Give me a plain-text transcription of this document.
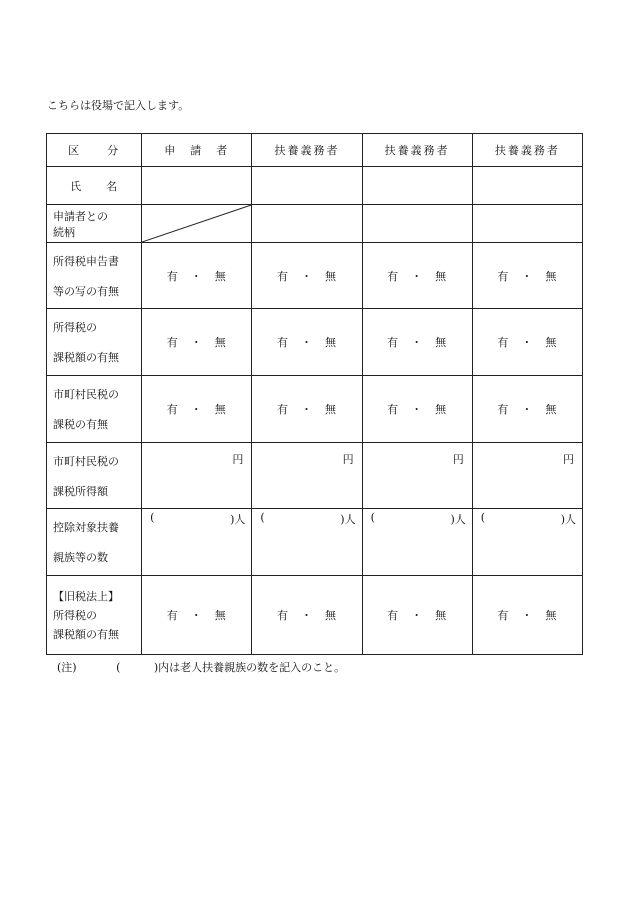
こちらは役場で記入します。
区　　分	申　請　者	扶養義務者	扶養義務者	扶養義務者
氏　　名				

申請者との
続柄

所得税申告書
等の写の有無	有 ・ 無	有 ・ 無	有 ・ 無	有 ・ 無

所得税の
課税額の有無	有 ・ 無	有 ・ 無	有 ・ 無	有 ・ 無

市町村民税の
課税の有無	有 ・ 無	有 ・ 無	有 ・ 無	有 ・ 無

市町村民税の
課税所得額	円	円	円	円

控除対象扶養
親族等の数	( )人	( )人	( )人	( )人

【旧税法上】
所得税の
課税額の有無	有 ・ 無	有 ・ 無	有 ・ 無	有 ・ 無
(注)	(	)内は老人扶養親族の数を記入のこと。
